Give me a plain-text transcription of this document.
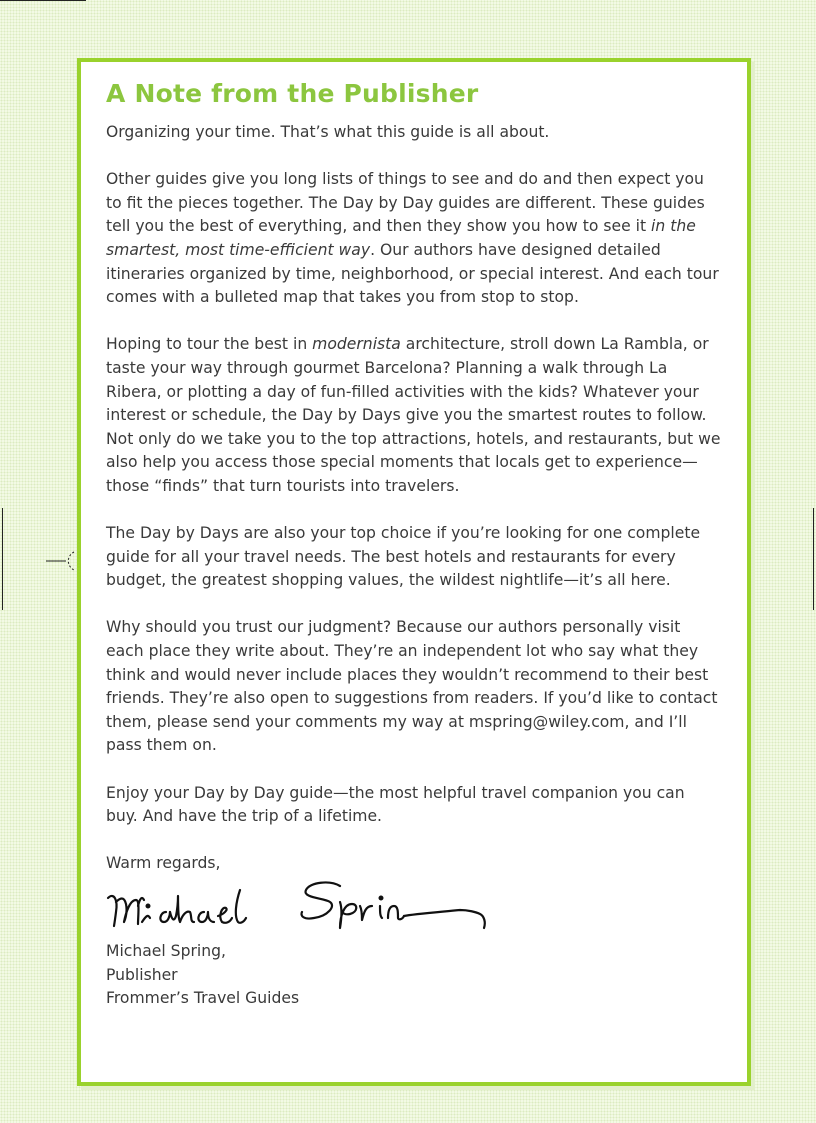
A Note from the Publisher

Organizing your time. That’s what this guide is all about.

Other guides give you long lists of things to see and do and then expect you to fit the pieces together. The Day by Day guides are different. These guides tell you the best of everything, and then they show you how to see it in the smartest, most time-efficient way. Our authors have designed detailed itineraries organized by time, neighborhood, or special interest. And each tour comes with a bulleted map that takes you from stop to stop.

Hoping to tour the best in modernista architecture, stroll down La Rambla, or taste your way through gourmet Barcelona? Planning a walk through La Ribera, or plotting a day of fun-filled activities with the kids? Whatever your interest or schedule, the Day by Days give you the smartest routes to follow. Not only do we take you to the top attractions, hotels, and restaurants, but we also help you access those special moments that locals get to experience—those “finds” that turn tourists into travelers.

The Day by Days are also your top choice if you’re looking for one complete guide for all your travel needs. The best hotels and restaurants for every budget, the greatest shopping values, the wildest nightlife—it’s all here.

Why should you trust our judgment? Because our authors personally visit each place they write about. They’re an independent lot who say what they think and would never include places they wouldn’t recommend to their best friends. They’re also open to suggestions from readers. If you’d like to contact them, please send your comments my way at mspring@wiley.com, and I’ll pass them on.

Enjoy your Day by Day guide—the most helpful travel companion you can buy. And have the trip of a lifetime.

Warm regards,

Michael Spring,
Publisher
Frommer’s Travel Guides
